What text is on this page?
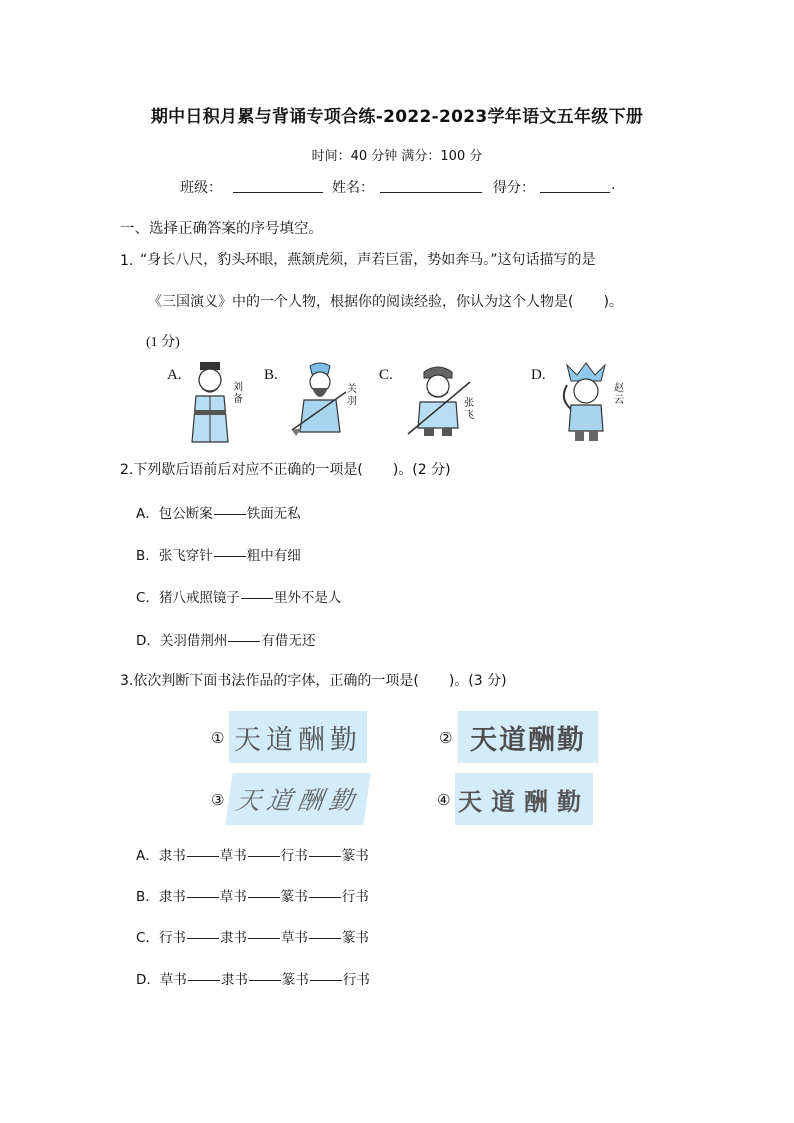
期中日积月累与背诵专项合练-2022-2023学年语文五年级下册
时间：40 分钟 满分：100 分
班级：	姓名：	得分：	.
一、选择正确答案的序号填空。
1. “身长八尺，豹头环眼，燕颔虎须，声若巨雷，势如奔马。”这句话描写的是
《三国演义》中的一个人物，根据你的阅读经验，你认为这个人物是( )。
(1 分)
A.	B.	C.	D.
刘
备
关
羽	张
飞
赵
云
2.下列歇后语前后对应不正确的一项是( )。(2 分)
A．包公断案	铁面无私
B．张飞穿针	粗中有细
C．猪八戒照镜子	里外不是人
D．关羽借荆州	有借无还
3.依次判断下面书法作品的字体，正确的一项是( )。(3 分)
① 天道酬勤	② 天道酬勤
③ 天道酬勤	④ 天道酬勤
A．隶书	草书	行书	篆书
B．隶书	草书	篆书	行书
C．行书	隶书	草书	篆书
D．草书	隶书	篆书	行书
